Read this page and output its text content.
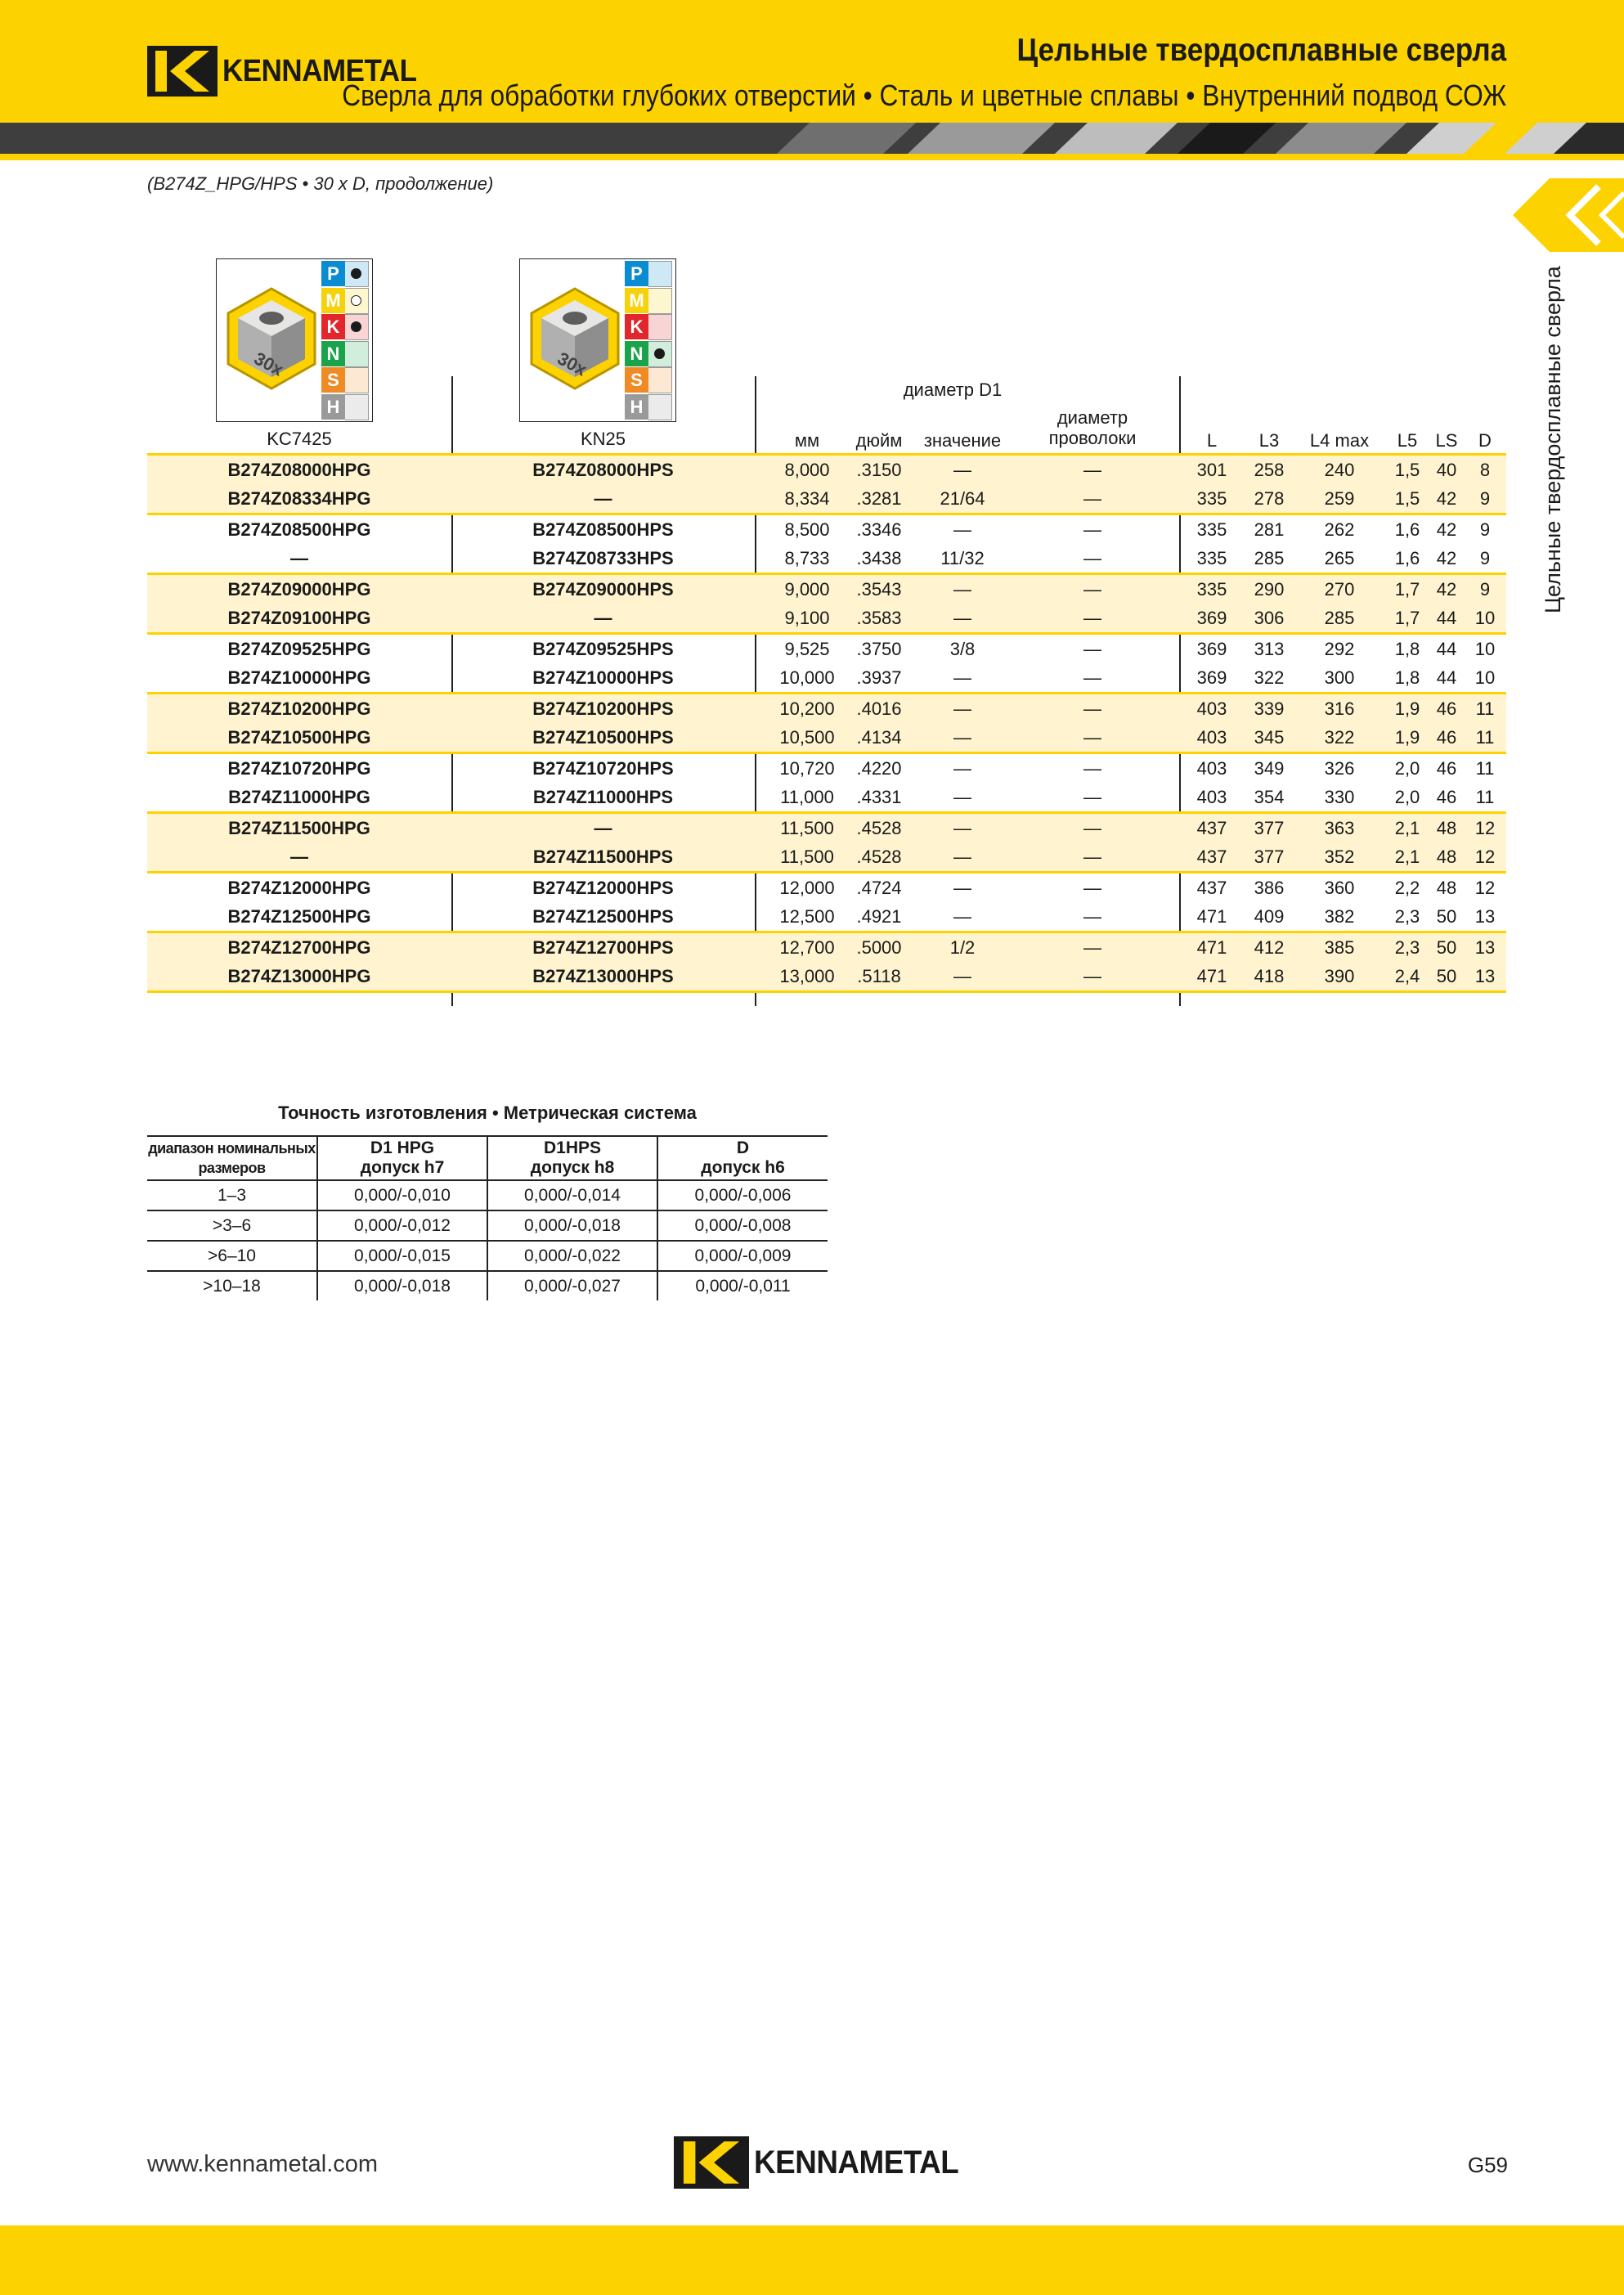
KENNAMETAL
Цельные твердосплавные сверла
Сверла для обработки глубоких отверстий • Сталь и цветные сплавы • Внутренний подвод СОЖ
Цельные твердосплавные сверла
(B274Z_HPG/HPS • 30 x D, продолжение)
30x
P
M
K
N
S
H
30x
P
M
K
N
S
H
диаметр D1
KC7425	KN25	мм	дюйм	значение
диаметр
проволоки	L	L3	L4 max	L5	LS	D
B274Z08000HPG	B274Z08000HPS	8,000	.3150	—	—	301	258	240	1,5 40	8
B274Z08334HPG	—	8,334	.3281	21/64	—	335	278	259	1,5 42	9
B274Z08500HPG	B274Z08500HPS	8,500	.3346	—	—	335	281	262	1,6 42	9
—	B274Z08733HPS	8,733	.3438	11/32	—	335	285	265	1,6 42	9
B274Z09000HPG	B274Z09000HPS	9,000	.3543	—	—	335	290	270	1,7 42	9
B274Z09100HPG	—	9,100	.3583	—	—	369	306	285	1,7 44	10
B274Z09525HPG	B274Z09525HPS	9,525	.3750	3/8	—	369	313	292	1,8 44	10
B274Z10000HPG	B274Z10000HPS	10,000	.3937	—	—	369	322	300	1,8 44	10
B274Z10200HPG	B274Z10200HPS	10,200	.4016	—	—	403	339	316	1,9 46	11
B274Z10500HPG	B274Z10500HPS	10,500	.4134	—	—	403	345	322	1,9 46	11
B274Z10720HPG	B274Z10720HPS	10,720	.4220	—	—	403	349	326	2,0 46	11
B274Z11000HPG	B274Z11000HPS	11,000	.4331	—	—	403	354	330	2,0 46	11
B274Z11500HPG	—	11,500	.4528	—	—	437	377	363	2,1 48	12
—	B274Z11500HPS	11,500	.4528	—	—	437	377	352	2,1 48	12
B274Z12000HPG	B274Z12000HPS	12,000	.4724	—	—	437	386	360	2,2 48	12
B274Z12500HPG	B274Z12500HPS	12,500	.4921	—	—	471	409	382	2,3 50	13
B274Z12700HPG	B274Z12700HPS	12,700	.5000	1/2	—	471	412	385	2,3 50	13
B274Z13000HPG	B274Z13000HPS	13,000	.5118	—	—	471	418	390	2,4 50	13
Точность изготовления • Метрическая система
диапазон номинальных
размеров	D1 HPG
допуск h7	D1HPS
допуск h8	D
допуск h6
1–3	0,000/-0,010	0,000/-0,014	0,000/-0,006
>3–6	0,000/-0,012	0,000/-0,018	0,000/-0,008
>6–10	0,000/-0,015	0,000/-0,022	0,000/-0,009
>10–18	0,000/-0,018	0,000/-0,027	0,000/-0,011
www.kennametal.com	KENNAMETAL	G59
